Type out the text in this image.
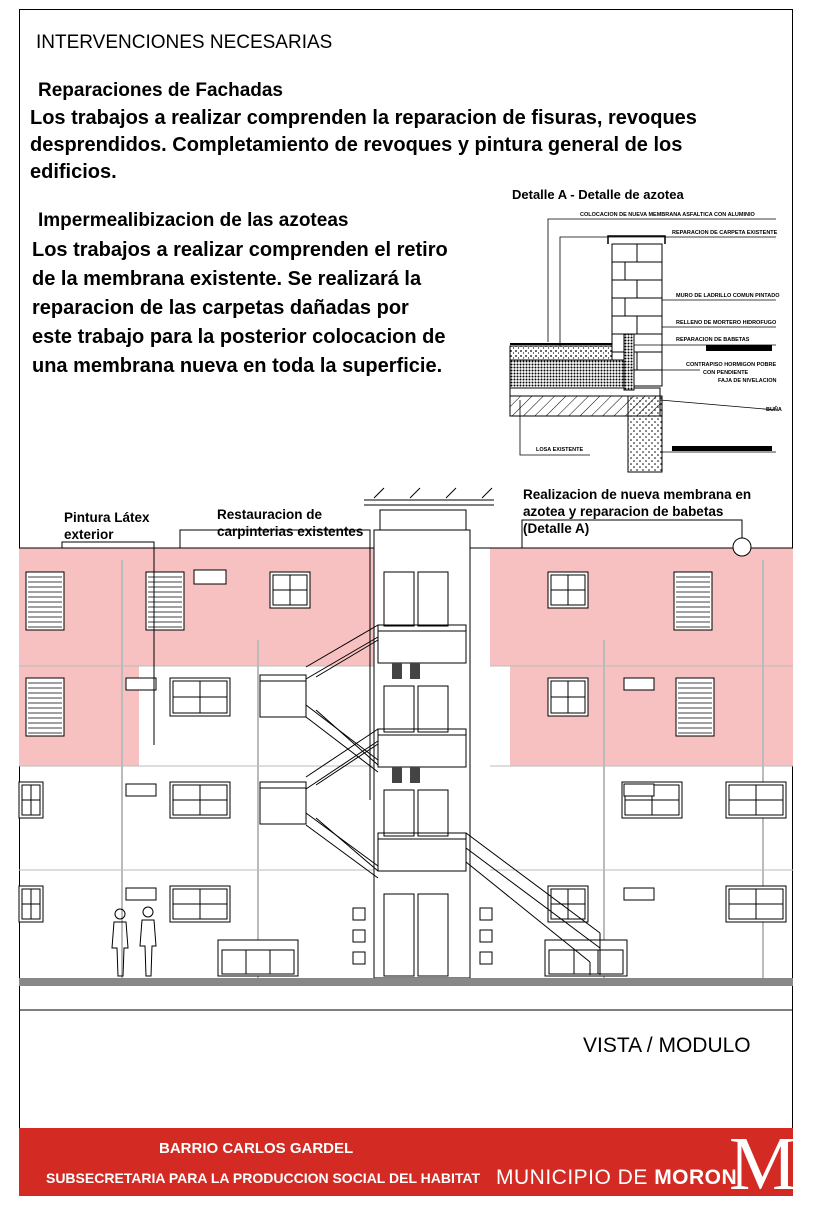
INTERVENCIONES NECESARIAS
Reparaciones de Fachadas
Los trabajos a realizar comprenden la reparacion de fisuras, revoques desprendidos. Completamiento de revoques y pintura general de los edificios.
Impermealibizacion de las azoteas
Los trabajos a realizar comprenden el retiro de la membrana existente. Se realizará la reparacion de las carpetas dañadas por este trabajo para la posterior colocacion de una membrana nueva en toda la superficie.
Detalle A - Detalle de azotea
COLOCACION DE NUEVA MEMBRANA ASFALTICA CON ALUMINIO
REPARACION DE CARPETA EXISTENTE
MURO DE LADRILLO COMUN PINTADO
RELLENO DE MORTERO HIDROFUGO
REPARACION DE BABETAS
CONTRAPISO HORMIGON POBRE
CON PENDIENTE
FAJA DE NIVELACION
BUÑA
LOSA EXISTENTE
Pintura Látex exterior
Restauracion de carpinterias existentes
Realizacion de nueva membrana en azotea y reparacion de babetas (Detalle A)
VISTA / MODULO
BARRIO CARLOS GARDEL
SUBSECRETARIA PARA LA PRODUCCION SOCIAL DEL HABITAT MUNICIPIO DE MORON
M
